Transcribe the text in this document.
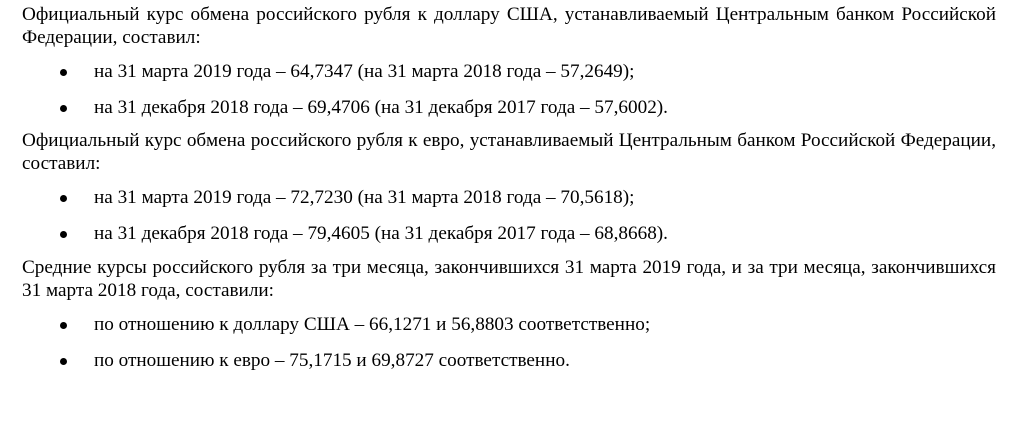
Официальный курс обмена российского рубля к доллару США, устанавливаемый Центральным банком Российской Федерации, составил:

на 31 марта 2019 года – 64,7347 (на 31 марта 2018 года – 57,2649);
на 31 декабря 2018 года – 69,4706 (на 31 декабря 2017 года – 57,6002).

Официальный курс обмена российского рубля к евро, устанавливаемый Центральным банком Российской Федерации, составил:

на 31 марта 2019 года – 72,7230 (на 31 марта 2018 года – 70,5618);
на 31 декабря 2018 года – 79,4605 (на 31 декабря 2017 года – 68,8668).

Средние курсы российского рубля за три месяца, закончившихся 31 марта 2019 года, и за три месяца, закончившихся 31 марта 2018 года, составили:

по отношению к доллару США – 66,1271 и 56,8803 соответственно;
по отношению к евро – 75,1715 и 69,8727 соответственно.
